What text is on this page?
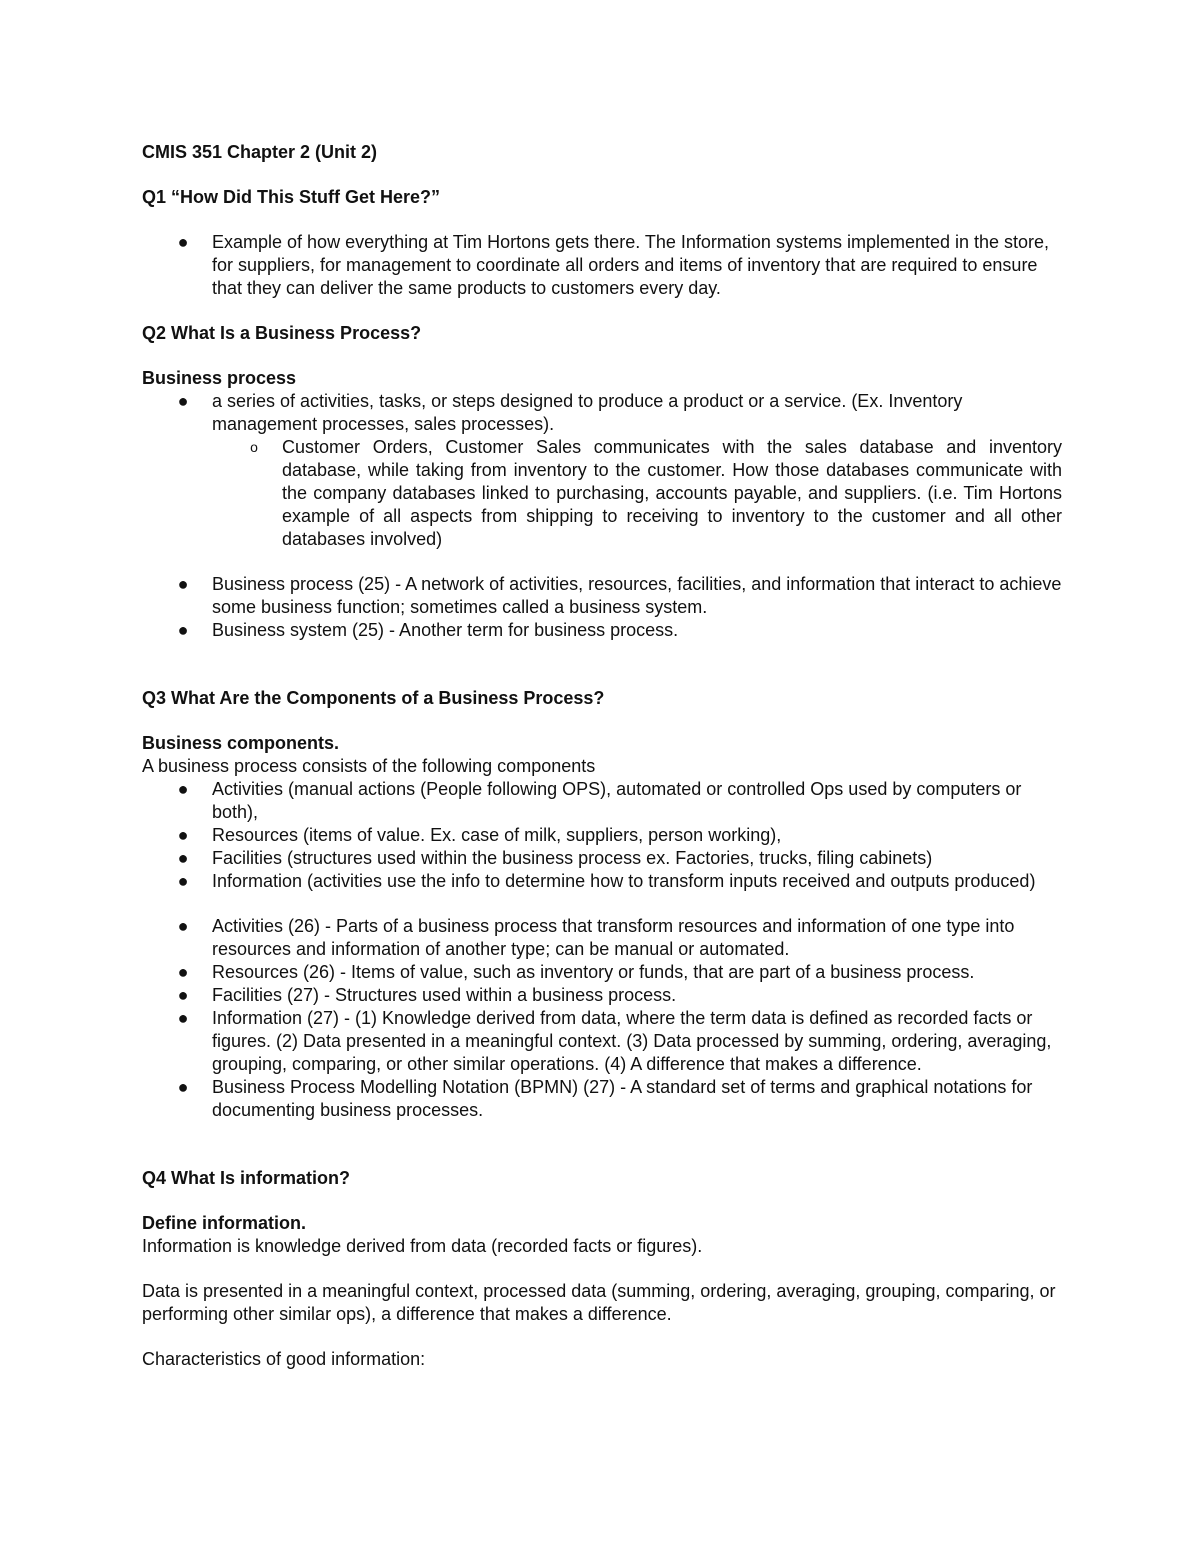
CMIS 351 Chapter 2 (Unit 2)

Q1 “How Did This Stuff Get Here?”

● Example of how everything at Tim Hortons gets there. The Information systems implemented in the store, for suppliers, for management to coordinate all orders and items of inventory that are required to ensure that they can deliver the same products to customers every day.

Q2 What Is a Business Process?

Business process

● a series of activities, tasks, or steps designed to produce a product or a service. (Ex. Inventory management processes, sales processes).
o Customer Orders, Customer Sales communicates with the sales database and inventory database, while taking from inventory to the customer. How those databases communicate with the company databases linked to purchasing, accounts payable, and suppliers. (i.e. Tim Hortons example of all aspects from shipping to receiving to inventory to the customer and all other databases involved)
● Business process (25) - A network of activities, resources, facilities, and information that interact to achieve some business function; sometimes called a business system.
● Business system (25) - Another term for business process.

Q3 What Are the Components of a Business Process?

Business components.

A business process consists of the following components

● Activities (manual actions (People following OPS), automated or controlled Ops used by computers or both),
● Resources (items of value. Ex. case of milk, suppliers, person working),
● Facilities (structures used within the business process ex. Factories, trucks, filing cabinets)
● Information (activities use the info to determine how to transform inputs received and outputs produced)
● Activities (26) - Parts of a business process that transform resources and information of one type into resources and information of another type; can be manual or automated.
● Resources (26) - Items of value, such as inventory or funds, that are part of a business process.
● Facilities (27) - Structures used within a business process.
● Information (27) - (1) Knowledge derived from data, where the term data is defined as recorded facts or figures. (2) Data presented in a meaningful context. (3) Data processed by summing, ordering, averaging, grouping, comparing, or other similar operations. (4) A difference that makes a difference.
● Business Process Modelling Notation (BPMN) (27) - A standard set of terms and graphical notations for documenting business processes.

Q4 What Is information?

Define information.

Information is knowledge derived from data (recorded facts or figures).

Data is presented in a meaningful context, processed data (summing, ordering, averaging, grouping, comparing, or performing other similar ops), a difference that makes a difference.

Characteristics of good information:
